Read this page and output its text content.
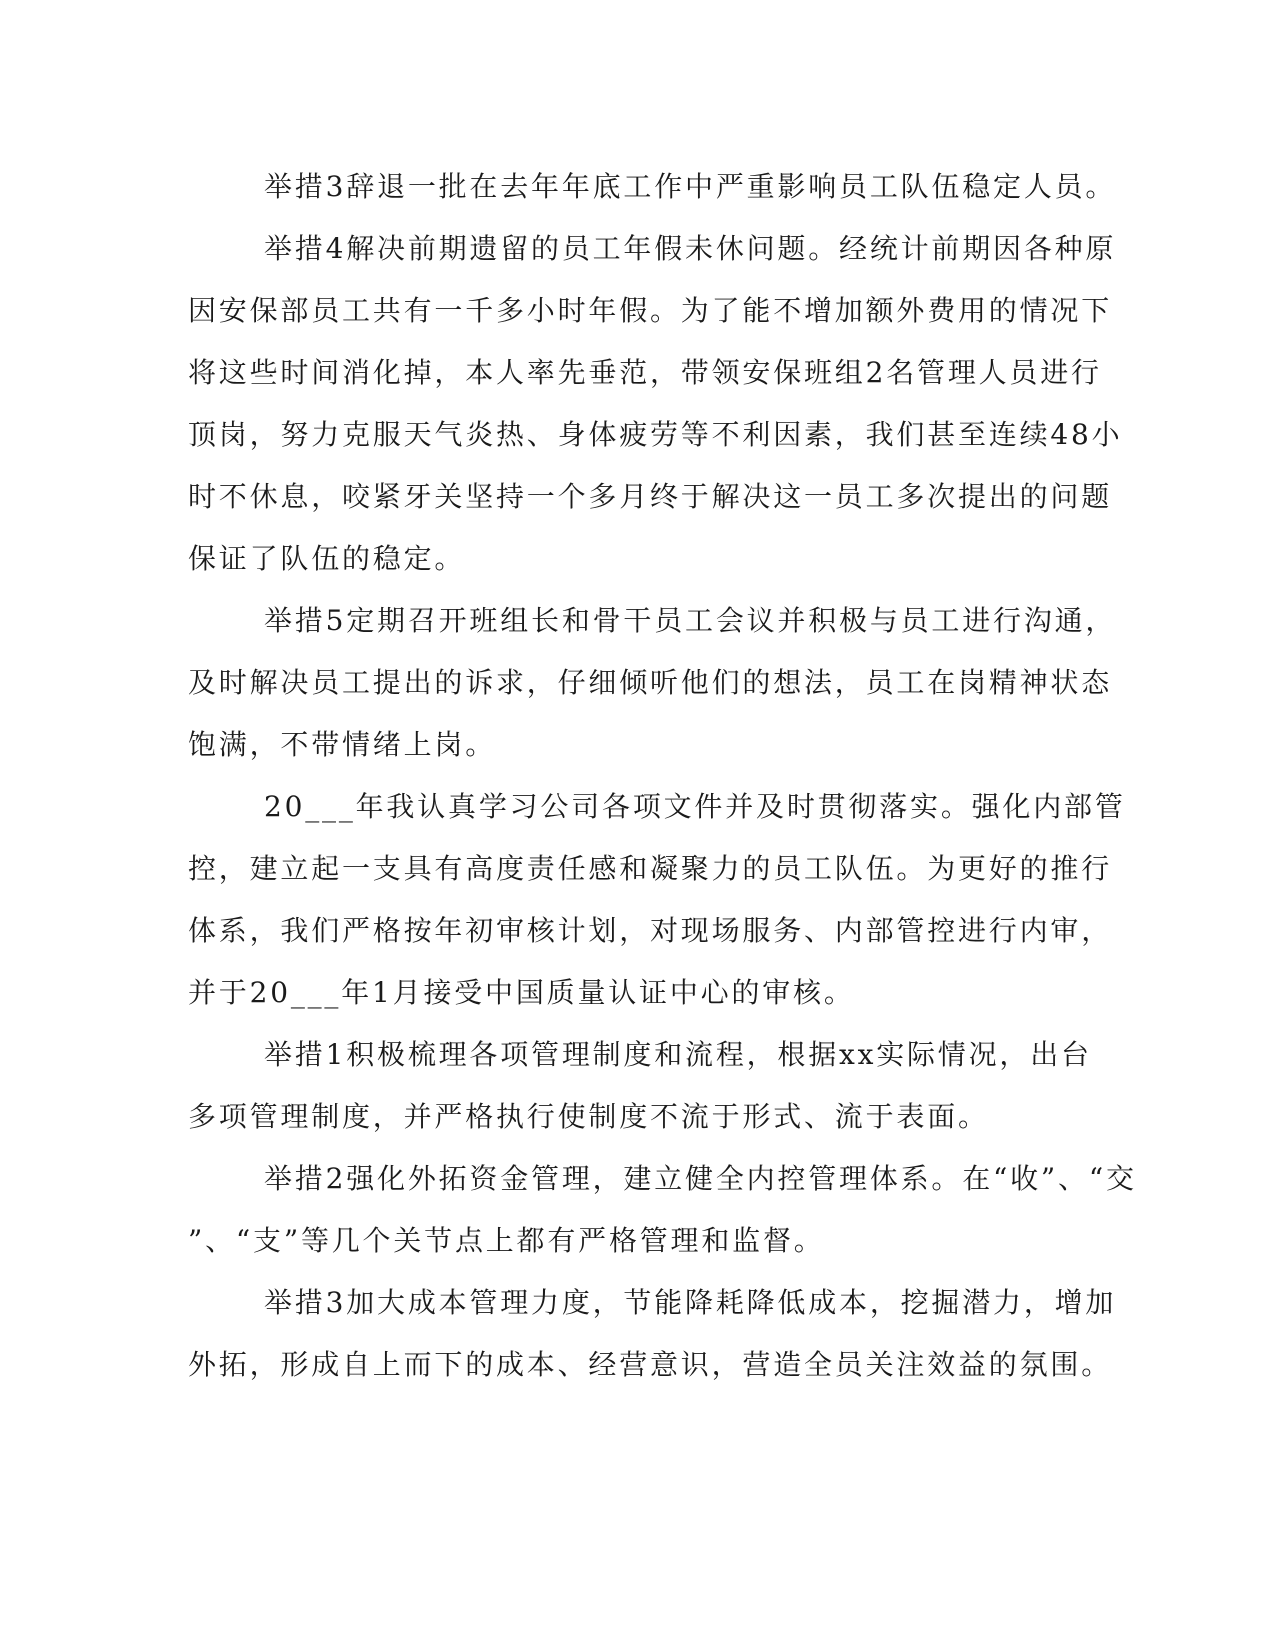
举措3辞退一批在去年年底工作中严重影响员工队伍稳定人员。
举措4解决前期遗留的员工年假未休问题。经统计前期因各种原
因安保部员工共有一千多小时年假。为了能不增加额外费用的情况下
将这些时间消化掉，本人率先垂范，带领安保班组2名管理人员进行
顶岗，努力克服天气炎热、身体疲劳等不利因素，我们甚至连续48小
时不休息，咬紧牙关坚持一个多月终于解决这一员工多次提出的问题
保证了队伍的稳定。
举措5定期召开班组长和骨干员工会议并积极与员工进行沟通，
及时解决员工提出的诉求，仔细倾听他们的想法，员工在岗精神状态
饱满，不带情绪上岗。
20___年我认真学习公司各项文件并及时贯彻落实。强化内部管
控，建立起一支具有高度责任感和凝聚力的员工队伍。为更好的推行
体系，我们严格按年初审核计划，对现场服务、内部管控进行内审，
并于20___年1月接受中国质量认证中心的审核。
举措1积极梳理各项管理制度和流程，根据xx实际情况，出台
多项管理制度，并严格执行使制度不流于形式、流于表面。
举措2强化外拓资金管理，建立健全内控管理体系。在“收”、“交
”、“支”等几个关节点上都有严格管理和监督。
举措3加大成本管理力度，节能降耗降低成本，挖掘潜力，增加
外拓，形成自上而下的成本、经营意识，营造全员关注效益的氛围。
